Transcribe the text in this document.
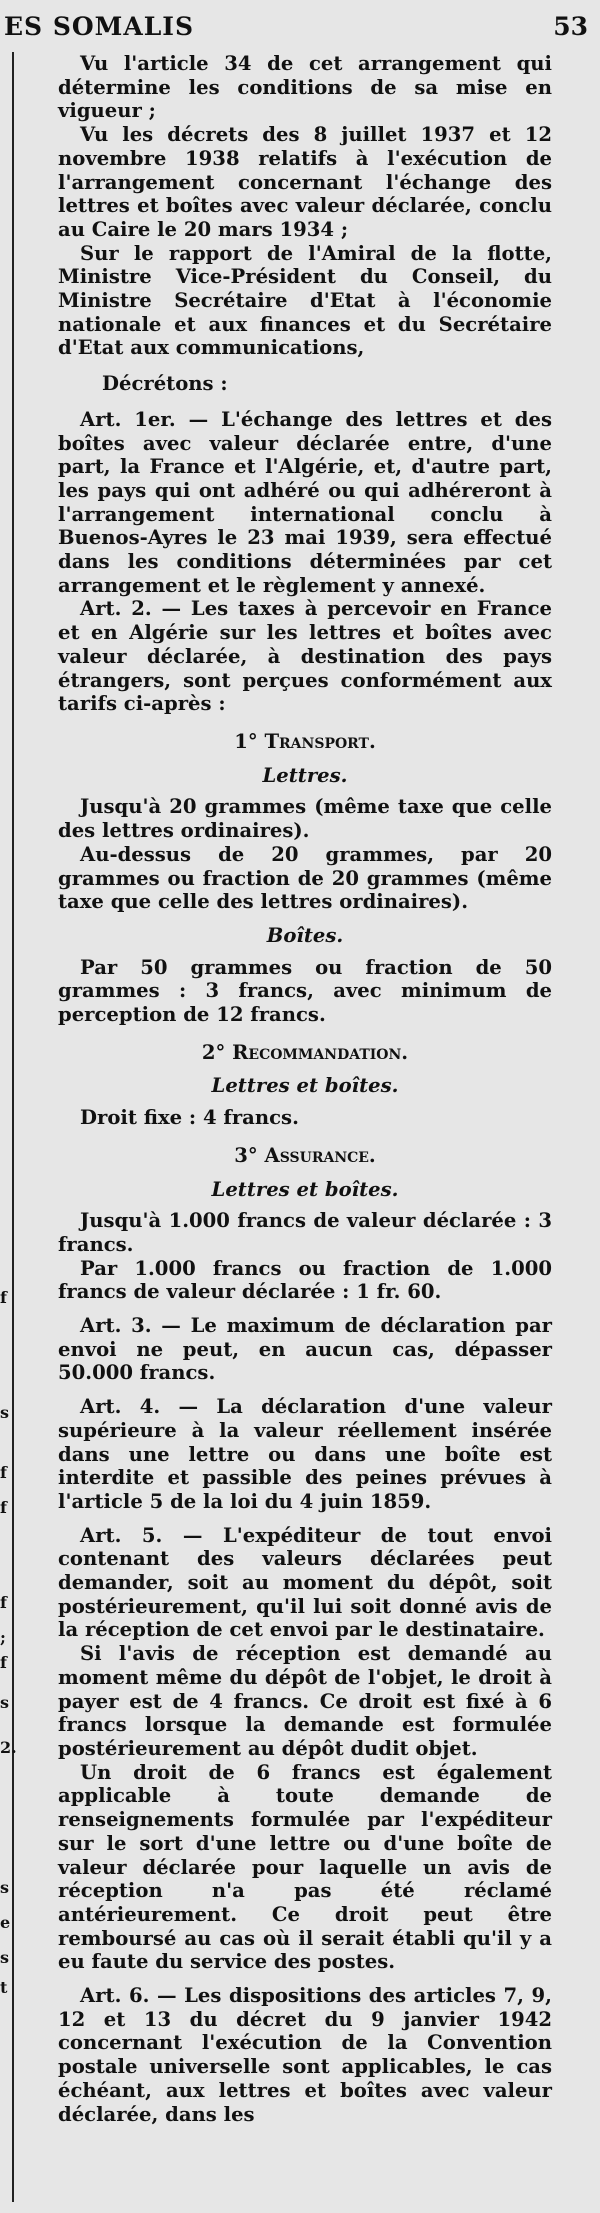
ES SOMALIS	53
f
s
f
f
f
;
f
s
2.
s
e
s
t

Vu l'article 34 de cet arrangement qui détermine les conditions de sa mise en vigueur ;

Vu les décrets des 8 juillet 1937 et 12 novembre 1938 relatifs à l'exécution de l'arrangement concernant l'échange des lettres et boîtes avec valeur déclarée, conclu au Caire le 20 mars 1934 ;

Sur le rapport de l'Amiral de la flotte, Ministre Vice-Président du Conseil, du Ministre Secrétaire d'Etat à l'économie nationale et aux finances et du Secrétaire d'Etat aux communications,

Décrétons :

Art. 1er. — L'échange des lettres et des boîtes avec valeur déclarée entre, d'une part, la France et l'Algérie, et, d'autre part, les pays qui ont adhéré ou qui adhéreront à l'arrangement international conclu à Buenos-Ayres le 23 mai 1939, sera effectué dans les conditions déterminées par cet arrangement et le règlement y annexé.

Art. 2. — Les taxes à percevoir en France et en Algérie sur les lettres et boîtes avec valeur déclarée, à destination des pays étrangers, sont perçues conformément aux tarifs ci-après :

1° Transport.

Lettres.

Jusqu'à 20 grammes (même taxe que celle des lettres ordinaires).

Au-dessus de 20 grammes, par 20 grammes ou fraction de 20 grammes (même taxe que celle des lettres ordinaires).

Boîtes.

Par 50 grammes ou fraction de 50 grammes : 3 francs, avec minimum de perception de 12 francs.

2° Recommandation.

Lettres et boîtes.

Droit fixe : 4 francs.

3° Assurance.

Lettres et boîtes.

Jusqu'à 1.000 francs de valeur déclarée : 3 francs.

Par 1.000 francs ou fraction de 1.000 francs de valeur déclarée : 1 fr. 60.

Art. 3. — Le maximum de déclaration par envoi ne peut, en aucun cas, dépasser 50.000 francs.

Art. 4. — La déclaration d'une valeur supérieure à la valeur réellement insérée dans une lettre ou dans une boîte est interdite et passible des peines prévues à l'article 5 de la loi du 4 juin 1859.

Art. 5. — L'expéditeur de tout envoi contenant des valeurs déclarées peut demander, soit au moment du dépôt, soit postérieurement, qu'il lui soit donné avis de la réception de cet envoi par le destinataire.

Si l'avis de réception est demandé au moment même du dépôt de l'objet, le droit à payer est de 4 francs. Ce droit est fixé à 6 francs lorsque la demande est formulée postérieurement au dépôt dudit objet.

Un droit de 6 francs est également applicable à toute demande de renseignements formulée par l'expéditeur sur le sort d'une lettre ou d'une boîte de valeur déclarée pour laquelle un avis de réception n'a pas été réclamé antérieurement. Ce droit peut être remboursé au cas où il serait établi qu'il y a eu faute du service des postes.

Art. 6. — Les dispositions des articles 7, 9, 12 et 13 du décret du 9 janvier 1942 concernant l'exécution de la Convention postale universelle sont applicables, le cas échéant, aux lettres et boîtes avec valeur déclarée, dans les
